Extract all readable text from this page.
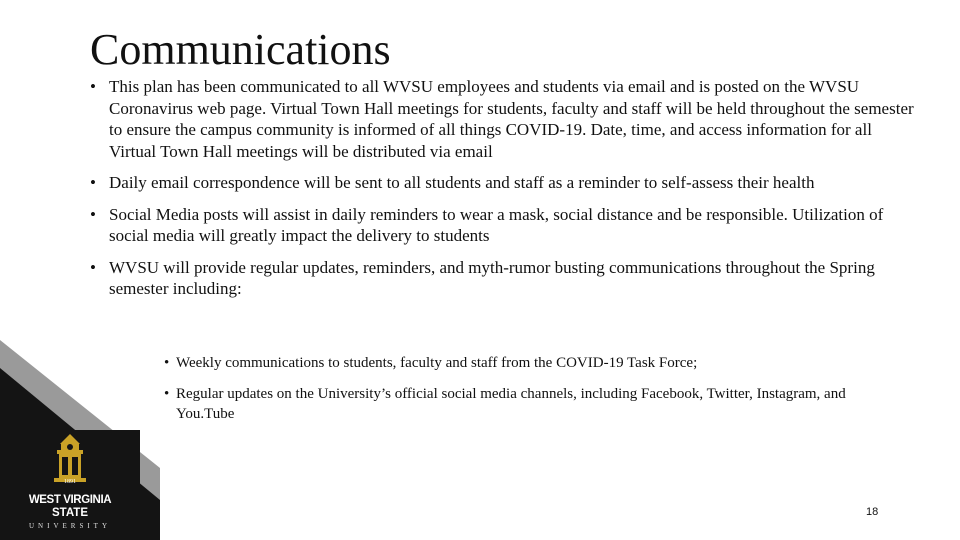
Communications

• This plan has been communicated to all WVSU employees and students via email and is posted on the WVSU Coronavirus web page. Virtual Town Hall meetings for students, faculty and staff will be held throughout the semester to ensure the campus community is informed of all things COVID-19. Date, time, and access information for all Virtual Town Hall meetings will be distributed via email

• Daily email correspondence will be sent to all students and staff as a reminder to self-assess their health

• Social Media posts will assist in daily reminders to wear a mask, social distance and be responsible. Utilization of social media will greatly impact the delivery to students

• WVSU will provide regular updates, reminders, and myth-rumor busting communications throughout the Spring semester including:

• Weekly communications to students, faculty and staff from the COVID-19 Task Force;

• Regular updates on the University’s official social media channels, including Facebook, Twitter, Instagram, and You.Tube

1891
WEST VIRGINIA
STATE
UNIVERSITY
18
